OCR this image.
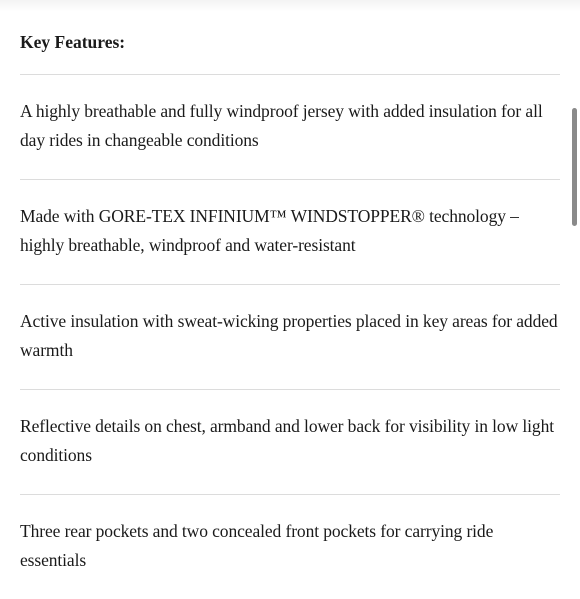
Key Features:
A highly breathable and fully windproof jersey with added insulation for all day rides in changeable conditions
Made with GORE-TEX INFINIUM™ WINDSTOPPER® technology – highly breathable, windproof and water-resistant
Active insulation with sweat-wicking properties placed in key areas for added warmth
Reflective details on chest, armband and lower back for visibility in low light conditions
Three rear pockets and two concealed front pockets for carrying ride essentials
